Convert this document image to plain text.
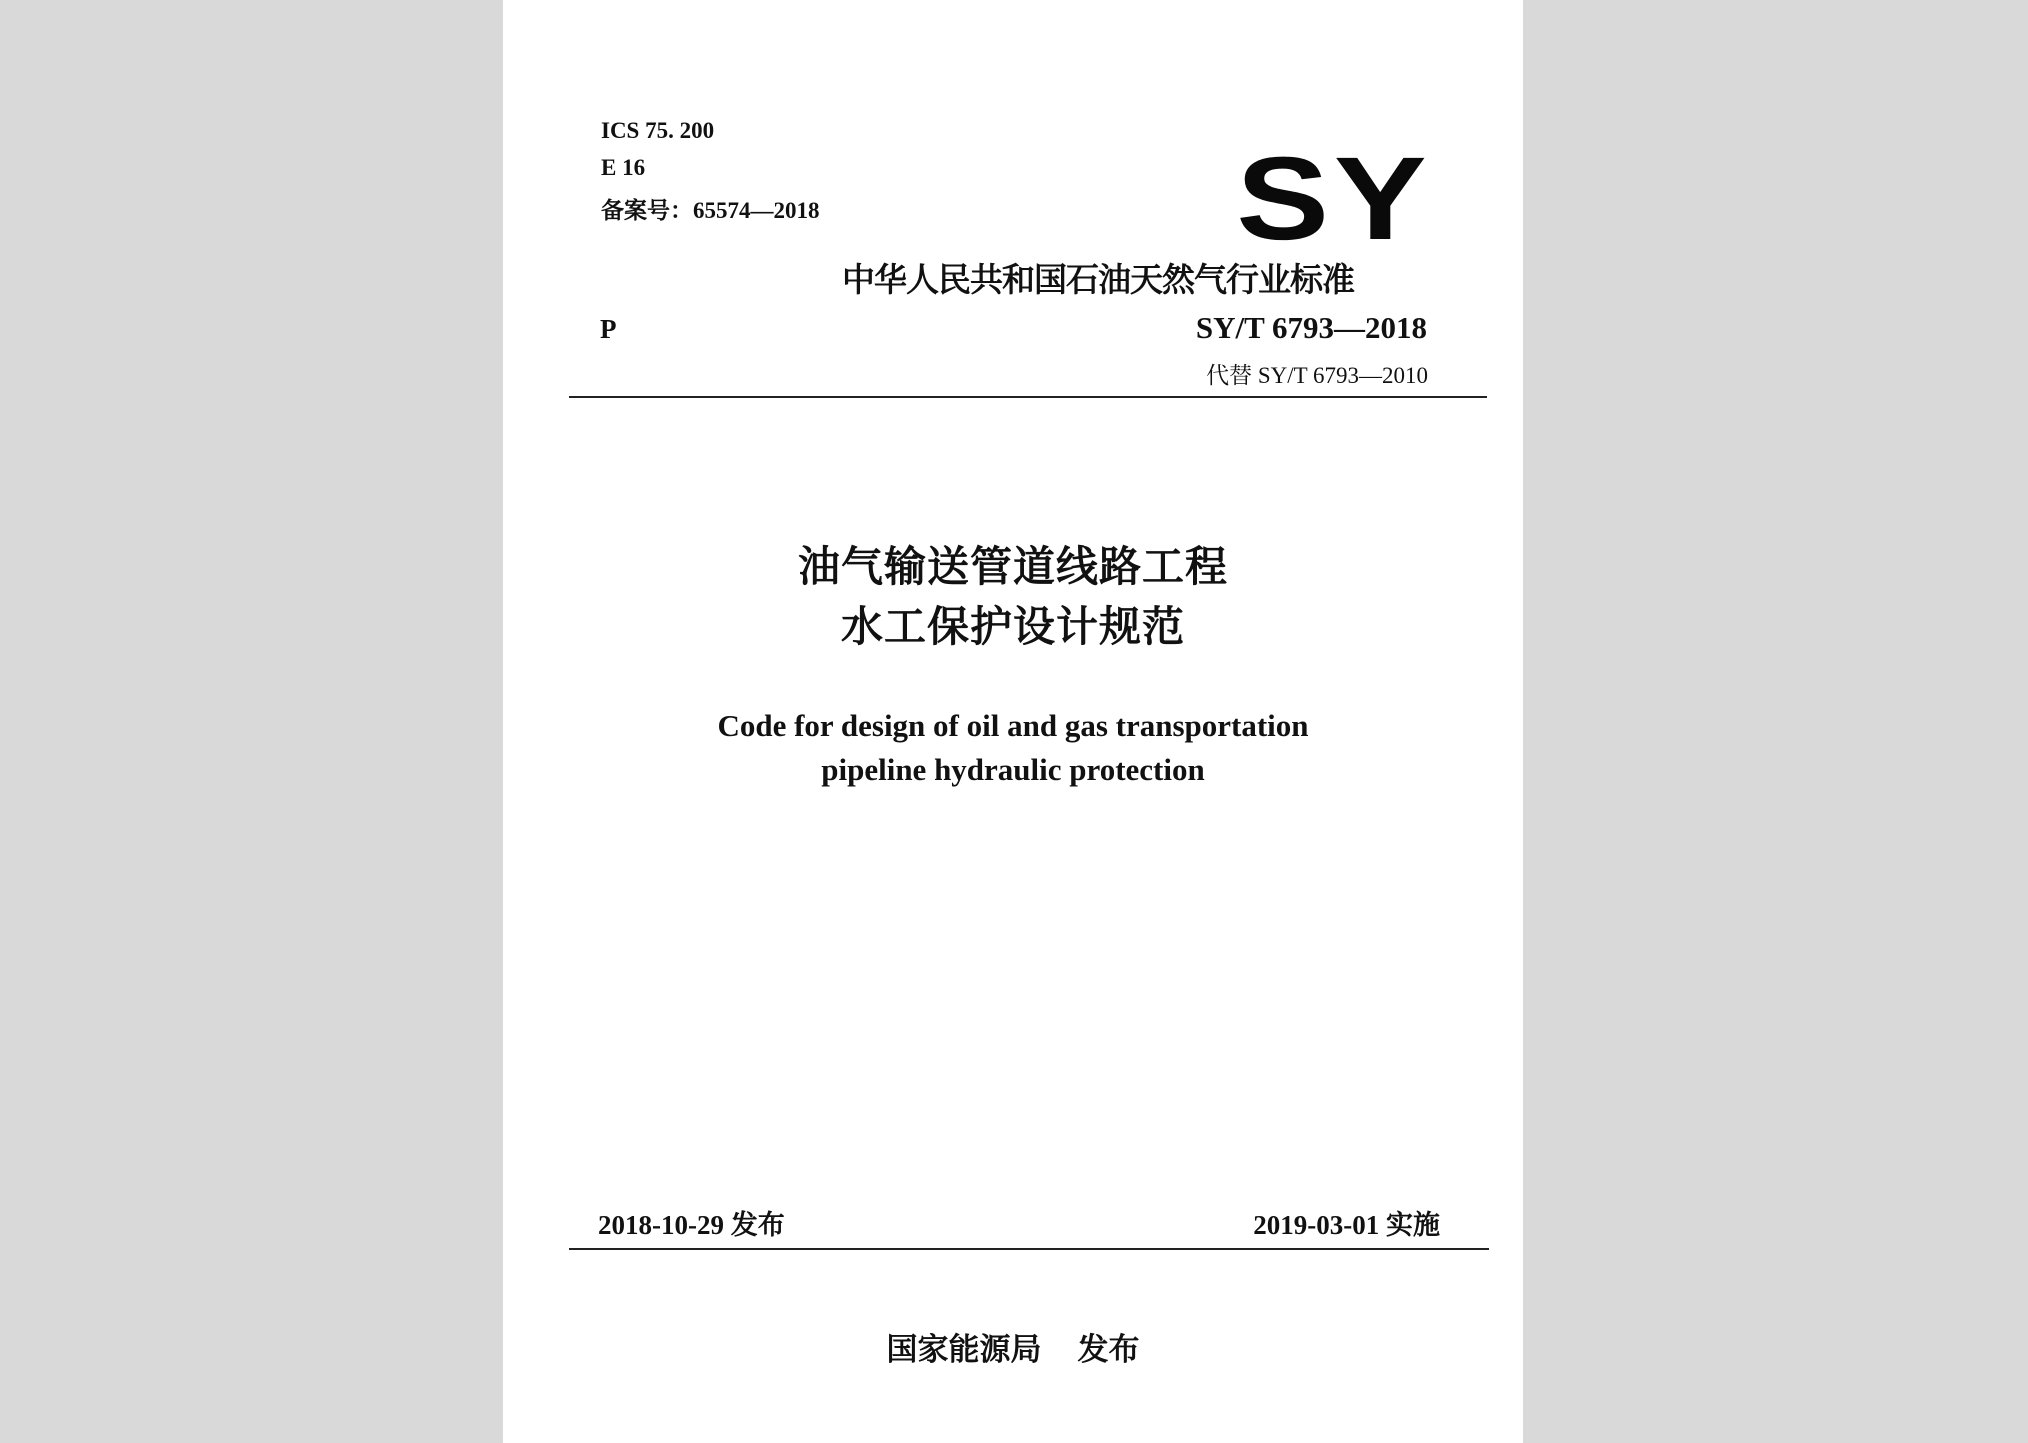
ICS 75. 200
E 16
备案号：65574—2018	SY
中华人民共和国石油天然气行业标准
P	SY/T 6793—2018
代替 SY/T 6793—2010
油气输送管道线路工程
水工保护设计规范
Code for design of oil and gas transportation
pipeline hydraulic protection
2018-10-29 发布	2019-03-01 实施
国家能源局 发布
